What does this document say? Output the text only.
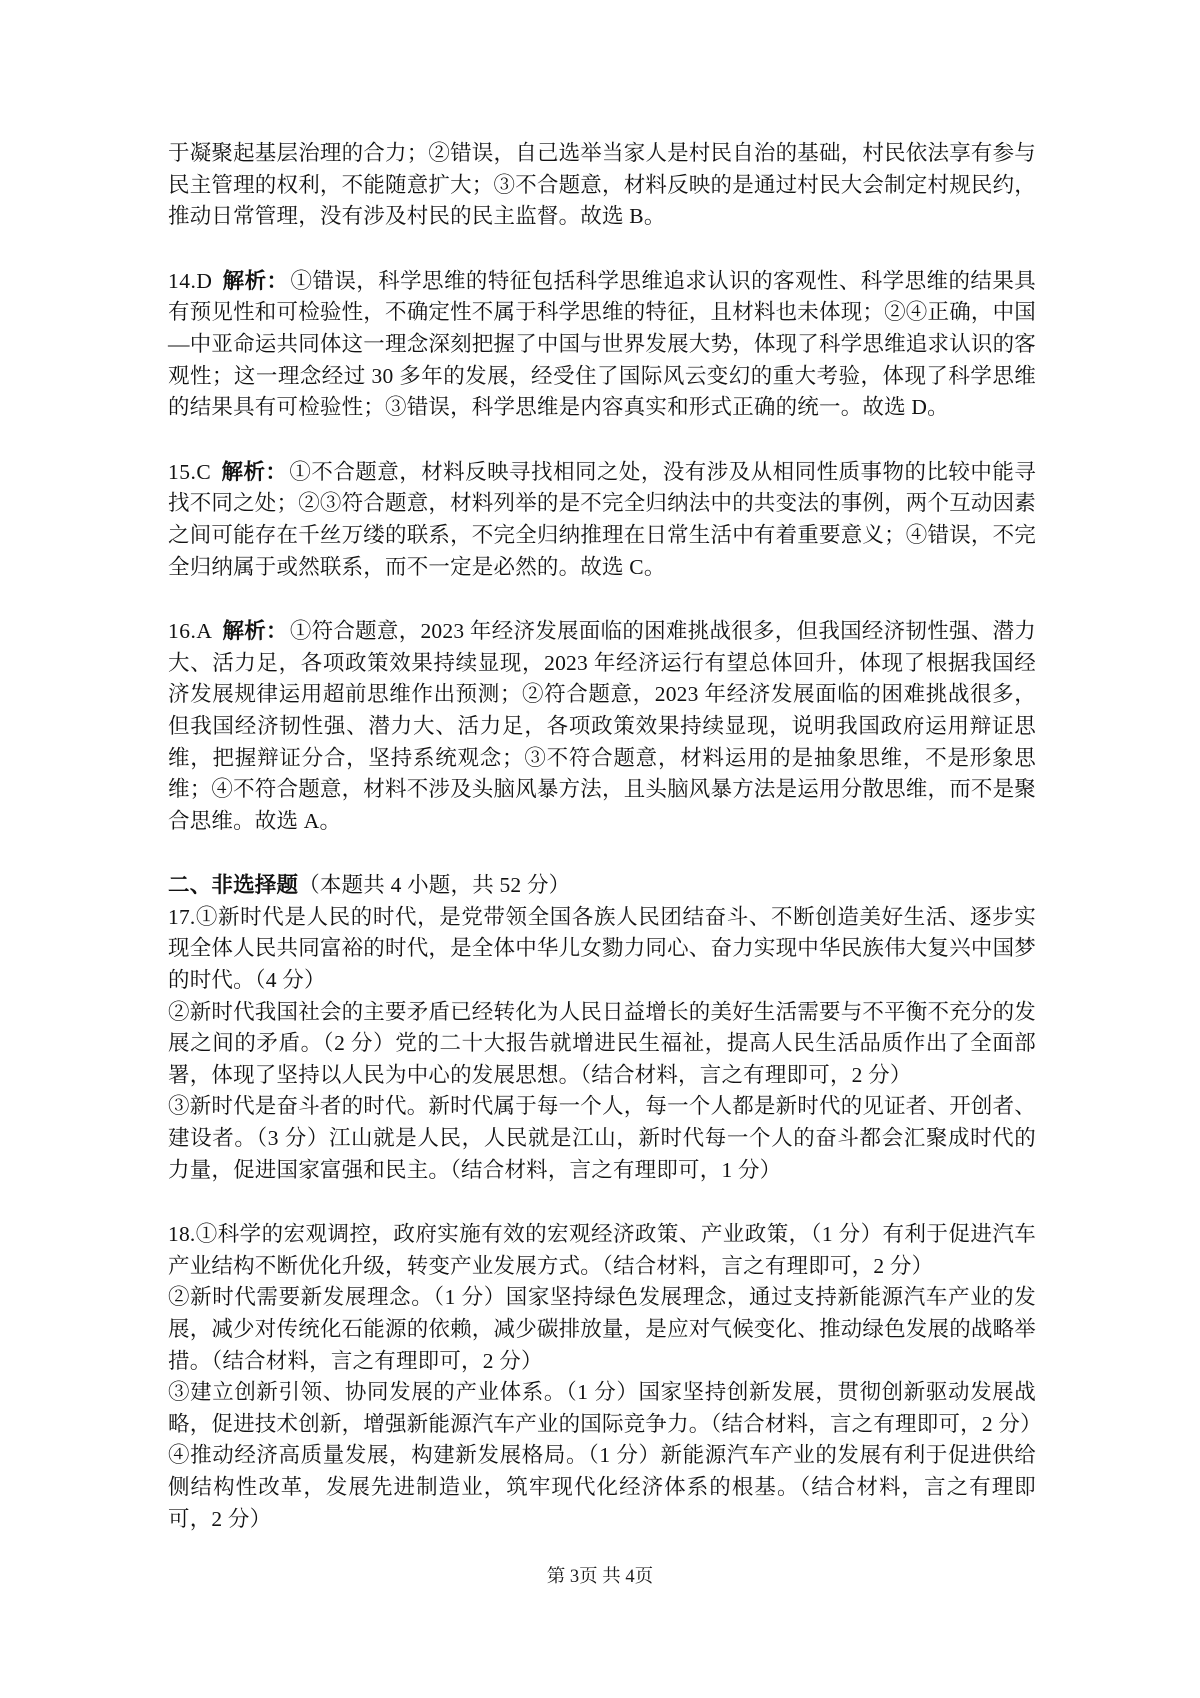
于凝聚起基层治理的合力；②错误，自己选举当家人是村民自治的基础，村民依法享有参与民主管理的权利，不能随意扩大；③不合题意，材料反映的是通过村民大会制定村规民约，推动日常管理，没有涉及村民的民主监督。故选 B。

14.D 解析：①错误，科学思维的特征包括科学思维追求认识的客观性、科学思维的结果具有预见性和可检验性，不确定性不属于科学思维的特征，且材料也未体现；②④正确，中国—中亚命运共同体这一理念深刻把握了中国与世界发展大势，体现了科学思维追求认识的客观性；这一理念经过 30 多年的发展，经受住了国际风云变幻的重大考验，体现了科学思维的结果具有可检验性；③错误，科学思维是内容真实和形式正确的统一。故选 D。

15.C 解析：①不合题意，材料反映寻找相同之处，没有涉及从相同性质事物的比较中能寻找不同之处；②③符合题意，材料列举的是不完全归纳法中的共变法的事例，两个互动因素之间可能存在千丝万缕的联系，不完全归纳推理在日常生活中有着重要意义；④错误，不完全归纳属于或然联系，而不一定是必然的。故选 C。

16.A 解析：①符合题意，2023 年经济发展面临的困难挑战很多，但我国经济韧性强、潜力大、活力足，各项政策效果持续显现，2023 年经济运行有望总体回升，体现了根据我国经济发展规律运用超前思维作出预测；②符合题意，2023 年经济发展面临的困难挑战很多，但我国经济韧性强、潜力大、活力足，各项政策效果持续显现，说明我国政府运用辩证思维，把握辩证分合，坚持系统观念；③不符合题意，材料运用的是抽象思维，不是形象思维；④不符合题意，材料不涉及头脑风暴方法，且头脑风暴方法是运用分散思维，而不是聚合思维。故选 A。

二、非选择题（本题共 4 小题，共 52 分）

17.①新时代是人民的时代，是党带领全国各族人民团结奋斗、不断创造美好生活、逐步实现全体人民共同富裕的时代，是全体中华儿女勠力同心、奋力实现中华民族伟大复兴中国梦的时代。（4 分）

②新时代我国社会的主要矛盾已经转化为人民日益增长的美好生活需要与不平衡不充分的发展之间的矛盾。（2 分）党的二十大报告就增进民生福祉，提高人民生活品质作出了全面部署，体现了坚持以人民为中心的发展思想。（结合材料，言之有理即可，2 分）

③新时代是奋斗者的时代。新时代属于每一个人，每一个人都是新时代的见证者、开创者、建设者。（3 分）江山就是人民，人民就是江山，新时代每一个人的奋斗都会汇聚成时代的力量，促进国家富强和民主。（结合材料，言之有理即可，1 分）

18.①科学的宏观调控，政府实施有效的宏观经济政策、产业政策，（1 分）有利于促进汽车产业结构不断优化升级，转变产业发展方式。（结合材料，言之有理即可，2 分）

②新时代需要新发展理念。（1 分）国家坚持绿色发展理念，通过支持新能源汽车产业的发展，减少对传统化石能源的依赖，减少碳排放量，是应对气候变化、推动绿色发展的战略举措。（结合材料，言之有理即可，2 分）

③建立创新引领、协同发展的产业体系。（1 分）国家坚持创新发展，贯彻创新驱动发展战略，促进技术创新，增强新能源汽车产业的国际竞争力。（结合材料，言之有理即可，2 分）

④推动经济高质量发展，构建新发展格局。（1 分）新能源汽车产业的发展有利于促进供给侧结构性改革，发展先进制造业，筑牢现代化经济体系的根基。（结合材料，言之有理即可，2 分）

第 3页 共 4页
